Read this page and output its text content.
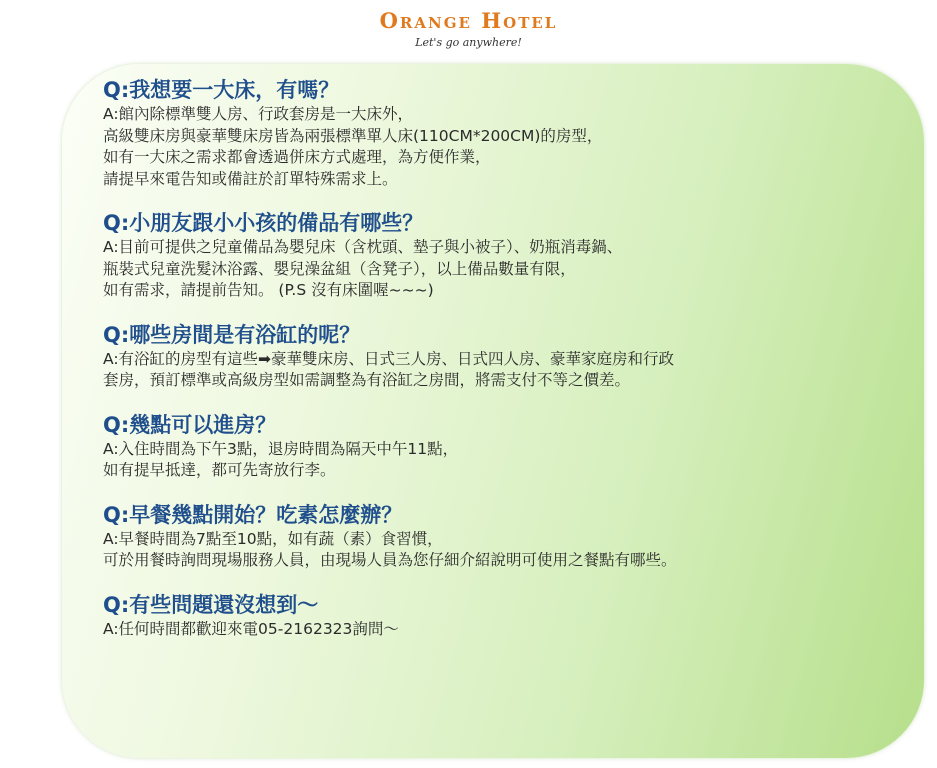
Orange Hotel
Let's go anywhere!
Q:我想要一大床，有嗎？
A:館內除標準雙人房、行政套房是一大床外，
高級雙床房與豪華雙床房皆為兩張標準單人床(110CM*200CM)的房型，
如有一大床之需求都會透過併床方式處理，為方便作業，
請提早來電告知或備註於訂單特殊需求上。
Q:小朋友跟小小孩的備品有哪些？
A:目前可提供之兒童備品為嬰兒床（含枕頭、墊子與小被子）、奶瓶消毒鍋、
瓶裝式兒童洗髮沐浴露、嬰兒澡盆組（含凳子），以上備品數量有限，
如有需求，請提前告知。 (P.S 沒有床圍喔~~~)
Q:哪些房間是有浴缸的呢？
A:有浴缸的房型有這些➡豪華雙床房、日式三人房、日式四人房、豪華家庭房和行政
套房，預訂標準或高級房型如需調整為有浴缸之房間，將需支付不等之價差。
Q:幾點可以進房？
A:入住時間為下午3點，退房時間為隔天中午11點，
如有提早抵達，都可先寄放行李。
Q:早餐幾點開始？吃素怎麼辦？
A:早餐時間為7點至10點，如有蔬（素）食習慣，
可於用餐時詢問現場服務人員，由現場人員為您仔細介紹說明可使用之餐點有哪些。
Q:有些問題還沒想到～
A:任何時間都歡迎來電05-2162323詢問～
